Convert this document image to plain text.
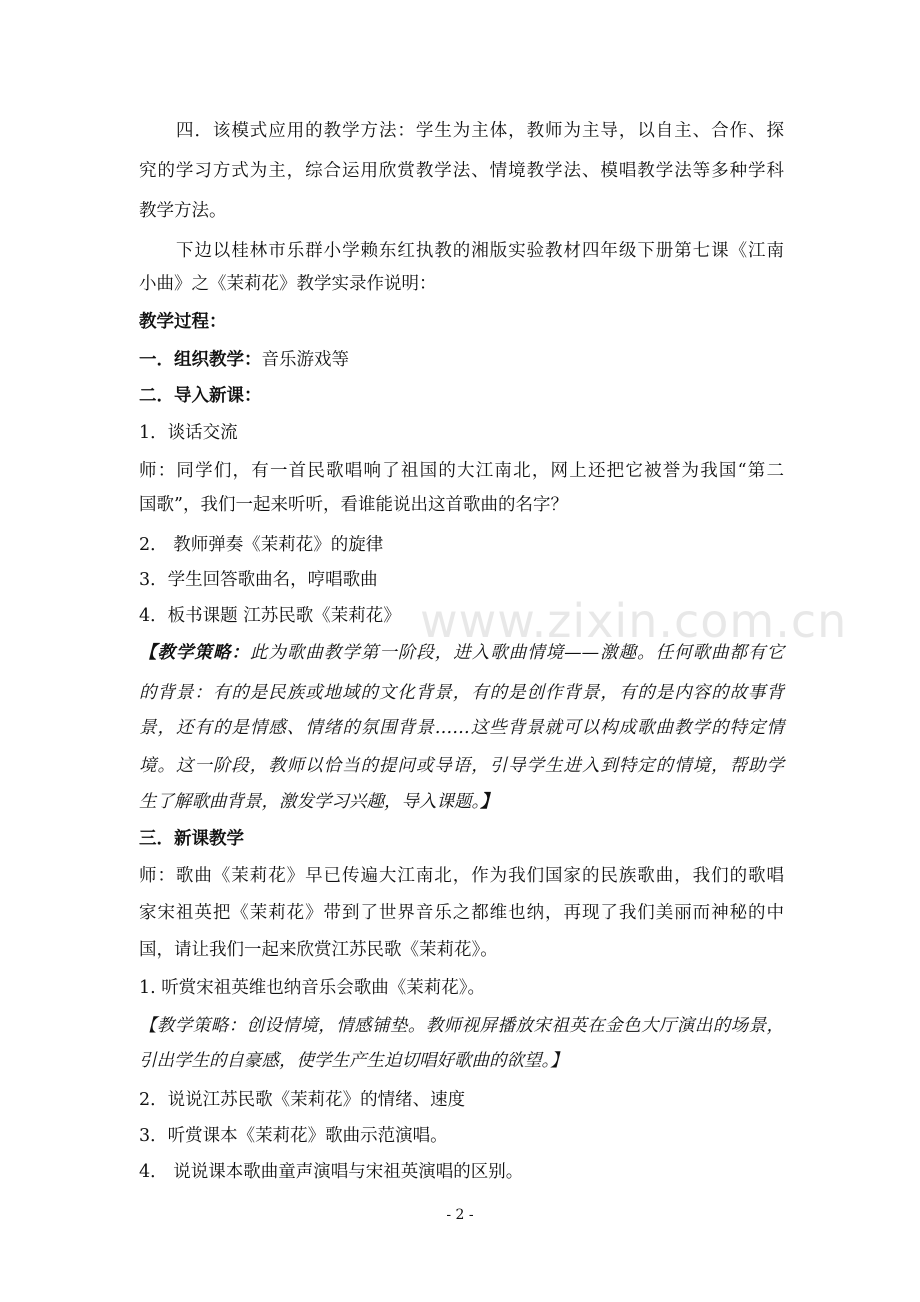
四．该模式应用的教学方法：学生为主体，教师为主导，以自主、合作、探
究的学习方式为主，综合运用欣赏教学法、情境教学法、模唱教学法等多种学科
教学方法。
下边以桂林市乐群小学赖东红执教的湘版实验教材四年级下册第七课《江南
小曲》之《茉莉花》教学实录作说明：
教学过程：
一．组织教学：音乐游戏等
二．导入新课：
1．谈话交流
师：同学们，有一首民歌唱响了祖国的大江南北，网上还把它被誉为我国“第二
国歌”，我们一起来听听，看谁能说出这首歌曲的名字？
2． 教师弹奏《茉莉花》的旋律
3．学生回答歌曲名，哼唱歌曲
4．板书课题 江苏民歌《茉莉花》
【教学策略：此为歌曲教学第一阶段，进入歌曲情境——激趣。任何歌曲都有它
的背景：有的是民族或地域的文化背景，有的是创作背景，有的是内容的故事背
景，还有的是情感、情绪的氛围背景……这些背景就可以构成歌曲教学的特定情
境。这一阶段，教师以恰当的提问或导语，引导学生进入到特定的情境，帮助学
生了解歌曲背景，激发学习兴趣，导入课题。】
三．新课教学
师：歌曲《茉莉花》早已传遍大江南北，作为我们国家的民族歌曲，我们的歌唱
家宋祖英把《茉莉花》带到了世界音乐之都维也纳，再现了我们美丽而神秘的中
国，请让我们一起来欣赏江苏民歌《茉莉花》。
1. 听赏宋祖英维也纳音乐会歌曲《茉莉花》。
【教学策略：创设情境，情感铺垫。教师视屏播放宋祖英在金色大厅演出的场景，
引出学生的自豪感，使学生产生迫切唱好歌曲的欲望。】
2．说说江苏民歌《茉莉花》的情绪、速度
3．听赏课本《茉莉花》歌曲示范演唱。
4． 说说课本歌曲童声演唱与宋祖英演唱的区别。
www.zixin.com.cn
- 2 -
